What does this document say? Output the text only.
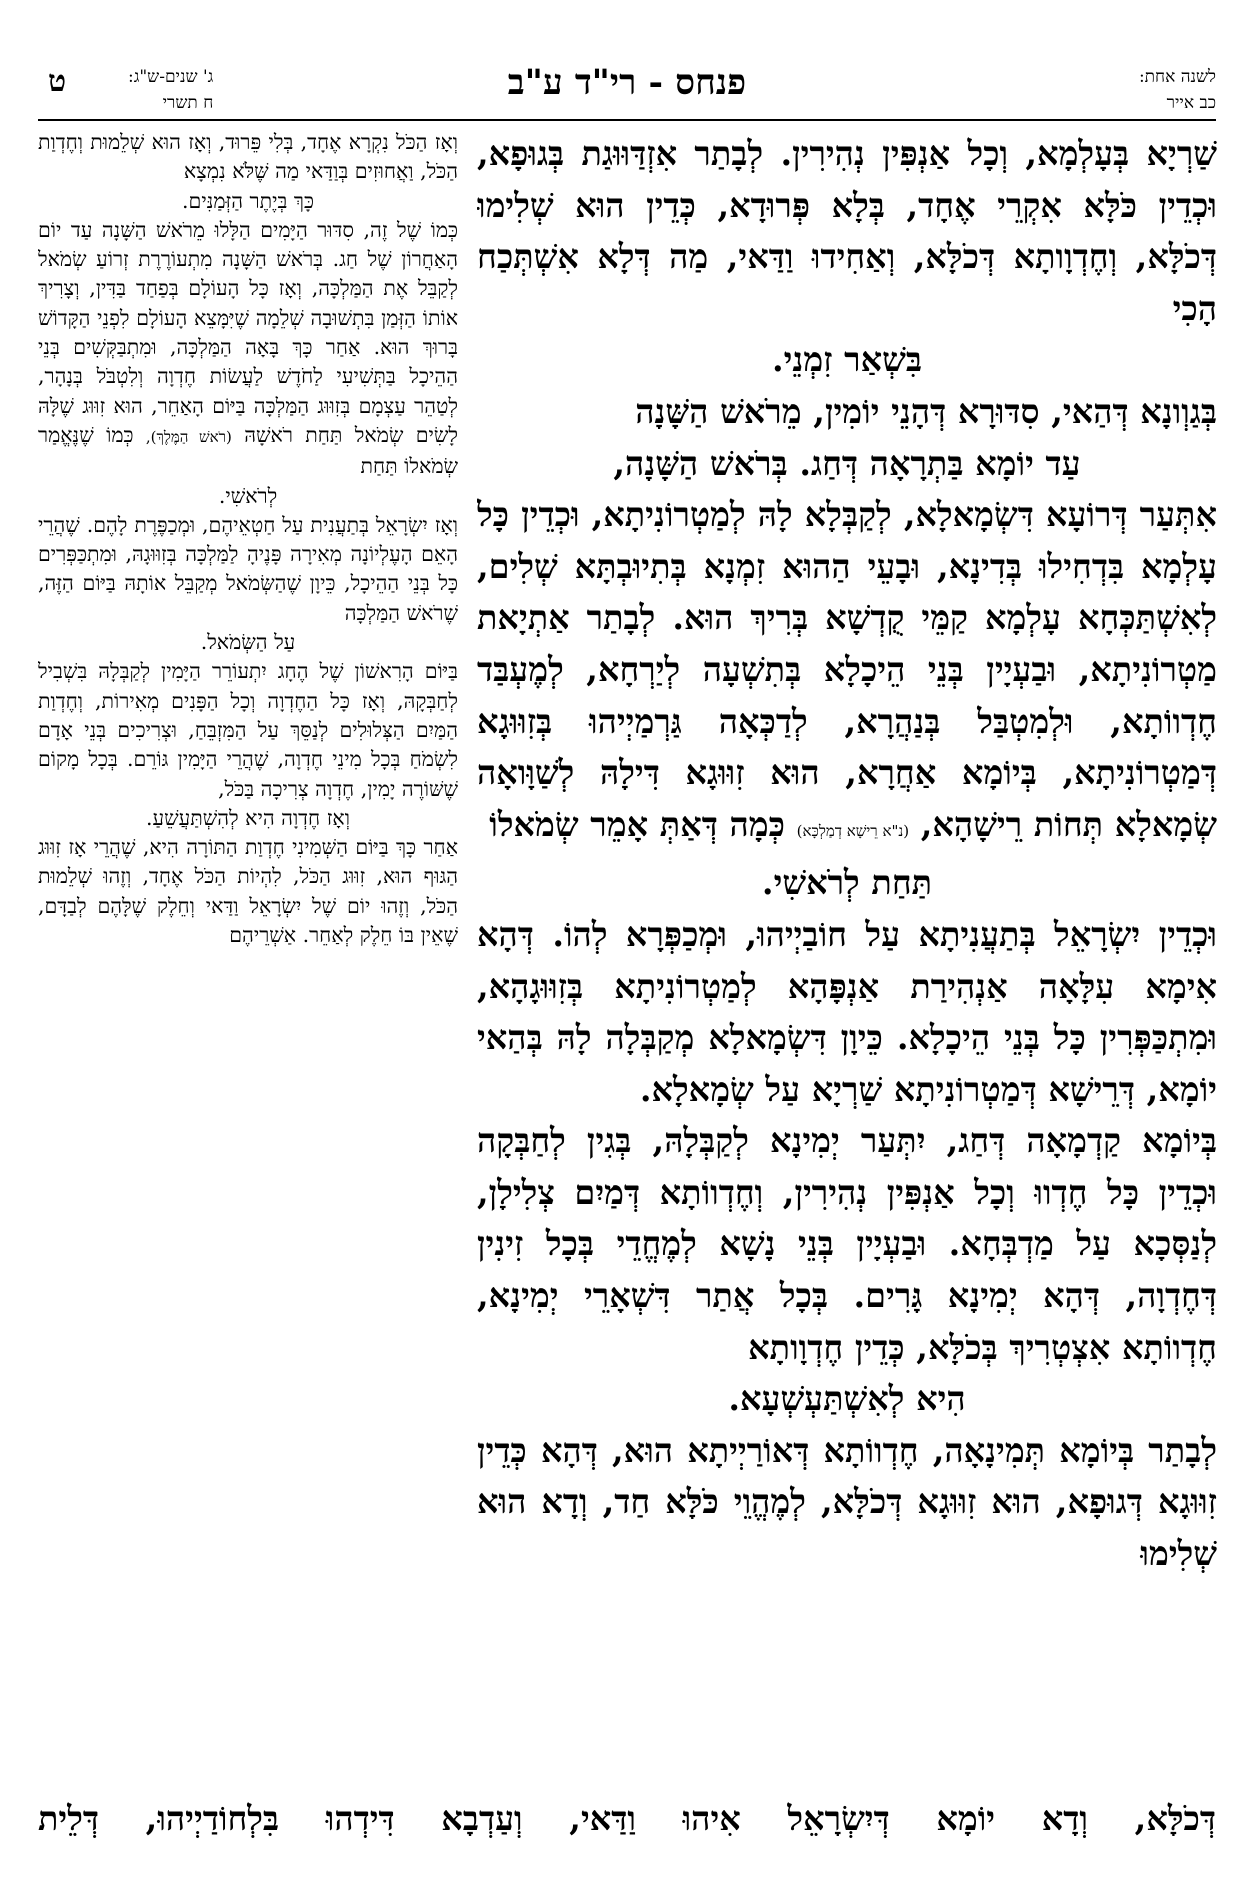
לשנה אחת:
כב אייר
פנחס - רי"ד ע"ב
ג' שנים-ש"ג:
ח תשרי
ט

שַׁרְיָא בְּעָלְמָא, וְכָל אַנְפִּין נְהִירִין. לְבָתַר אִזְדַּוּוּגַת בְּגוּפָא, וּכְדֵין כֹּלָּא אִקְרֵי אֶחָד, בְּלָא פְּרוּדָא, כְּדֵין הוּא שְׁלִימוּ דְּכֹלָּא, וְחֶדְוָותָא דְּכֹלָּא, וְאַחִידוּ וַדַּאי, מַה דְּלָא אִשְׁתְּכַח הָכִי

בִּשְׁאַר זִמְנֵי.

בְּגַוְונָא דְּהַאי, סִדּוּרָא דְּהָנֵי יוֹמִין, מֵרֹאשׁ הַשָּׁנָה

עַד יוֹמָא בַּתְרָאָה דְּחַג. בְּרֹאשׁ הַשָּׁנָה,

אִתְּעַר דְּרוֹעָא דִּשְׂמָאלָא, לְקַבְּלָא לָהּ לְמַטְרוֹנִיתָא, וּכְדֵין כָּל עָלְמָא בִּדְחִילוּ בְּדִינָא, וּבָעֵי הַהוּא זִמְנָא בְּתִיוּבְתָּא שְׁלִים, לְאִשְׁתַּכְּחָא עָלְמָא קַמֵּי קֻדְשָׁא בְּרִיךְ הוּא. לְבָתַר אַתְיָאת מַטְרוֹנִיתָא, וּבַעְיָין בְּנֵי הֵיכָלָא בְּתִשְׁעָה לְיַרְחָא, לְמֶעְבַּד חֶדְווֹתָא, וּלְמִטְבַּל בְּנַהֲרָא, לְדַכְּאָה גַּרְמַיְיהוּ בְּזִוּוּגָא דְּמַטְרוֹנִיתָא, בְּיוֹמָא אַחֲרָא, הוּא זִוּוּגָא דִּילָהּ לְשַׁוָּואָה שְׂמָאלָא תְּחוֹת רֵישָׁהָא, (נ"א רֵישָׁא דְמַלְכָּא) כְּמָה דְּאַתְּ אָמֵר שְׂמֹאלוֹ

תַּחַת לְרֹאשִׁי.

וּכְדֵין יִשְׂרָאֵל בְּתַעֲנִיתָא עַל חוֹבַיְיהוּ, וּמְכַפְּרָא לְהוֹ. דְּהָא אִימָא עִלָּאָה אַנְהִירַת אַנְפָּהָא לְמַטְרוֹנִיתָא בְּזִוּוּגָהָא, וּמִתְכַּפְּרִין כָּל בְּנֵי הֵיכָלָא. כֵּיוָן דִּשְׂמָאלָא מְקַבְּלָה לָהּ בְּהַאי יוֹמָא, דְּרֵישָׁא דְּמַטְרוֹנִיתָא שַׁרְיָא עַל שְׂמָאלָא.

בְּיוֹמָא קַדְמָאָה דְּחַג, יִתְּעַר יְמִינָא לְקַבְּלָהּ, בְּגִין לְחַבְּקָה וּכְדֵין כָּל חֶדְווּ וְכָל אַנְפִּין נְהִירִין, וְחֶדְווֹתָא דְּמַיִם צְלִילָן, לְנַסְּכָא עַל מַדְבְּחָא. וּבַעְיָין בְּנֵי נָשָׁא לְמֶחֱדֵי בְּכָל זִינִין דְּחֶדְוָה, דְּהָא יְמִינָא גָּרִים. בְּכָל אֲתַר דִּשְׁאָרֵי יְמִינָא, חֶדְווֹתָא אִצְטְרִיךְ בְּכֹלָּא, כְּדֵין חֶדְוָותָא

הִיא לְאִשְׁתַּעְשְׁעָא.

לְבָתַר בְּיוֹמָא תְּמִינָאָה, חֶדְווֹתָא דְּאוֹרַיְיתָא הוּא, דְּהָא כְּדֵין זִוּוּגָא דְּגוּפָא, הוּא זִוּוּגָא דְּכֹלָּא, לְמֶהֱוֵי כֹּלָּא חַד, וְדָא הוּא שְׁלִימוּ

וְאָז הַכֹּל נִקְרָא אֶחָד, בְּלִי פֵּרוּד, וְאָז הוּא שְׁלֵמוּת וְחֶדְוַת הַכֹּל, וַאֲחוּזִים בְּוַדַּאי מַה שֶּׁלֹּא נִמְצָא

כָּךְ בְּיֶתֶר הַזְּמַנִּים.

כְּמוֹ שֶׁל זֶה, סִדּוּר הַיָּמִים הַלָּלוּ מֵרֹאשׁ הַשָּׁנָה עַד יוֹם הָאַחֲרוֹן שֶׁל חַג. בְּרֹאשׁ הַשָּׁנָה מִתְעוֹרֶרֶת זְרוֹעַ שְׂמֹאל לְקַבֵּל אֶת הַמַּלְכָּה, וְאָז כָּל הָעוֹלָם בְּפַחַד בַּדִּין, וְצָרִיךְ אוֹתוֹ הַזְּמַן בִּתְשׁוּבָה שְׁלֵמָה שֶׁיִּמָּצֵא הָעוֹלָם לִפְנֵי הַקָּדוֹשׁ בָּרוּךְ הוּא. אַחַר כָּךְ בָּאָה הַמַּלְכָּה, וּמִתְבַּקְּשִׁים בְּנֵי הַהֵיכָל בַּתְּשִׁיעִי לַחֹדֶשׁ לַעֲשׂוֹת חֶדְוָה וְלִטְבֹּל בְּנָהָר, לְטַהֵר עַצְמָם בְּזִוּוּג הַמַּלְכָּה בַּיּוֹם הָאַחֵר, הוּא זִוּוּג שֶׁלָּהּ לָשִׂים שְׂמֹאל תַּחַת רֹאשָׁהּ (רֹאשׁ הַמֶּלֶךְ), כְּמוֹ שֶׁנֶּאֱמַר שְׂמֹאלוֹ תַּחַת

לְרֹאשִׁי.

וְאָז יִשְׂרָאֵל בְּתַעֲנִית עַל חַטְאֵיהֶם, וּמְכַפֶּרֶת לָהֶם. שֶׁהֲרֵי הָאֵם הָעֶלְיוֹנָה מְאִירָה פָּנֶיהָ לַמַּלְכָּה בְּזִוּוּגָהּ, וּמִתְכַּפְּרִים כָּל בְּנֵי הַהֵיכָל, כֵּיוָן שֶׁהַשְּׂמֹאל מְקַבֵּל אוֹתָהּ בַּיּוֹם הַזֶּה, שֶׁרֹאשׁ הַמַּלְכָּה

עַל הַשְּׂמֹאל.

בַּיּוֹם הָרִאשׁוֹן שֶׁל הֶחָג יִתְעוֹרֵר הַיָּמִין לְקַבְּלָהּ בִּשְׁבִיל לְחַבְּקָהּ, וְאָז כָּל הַחֶדְוָה וְכָל הַפָּנִים מְאִירוֹת, וְחֶדְוַת הַמַּיִם הַצְּלוּלִים לְנַסֵּךְ עַל הַמִּזְבֵּחַ, וּצְרִיכִים בְּנֵי אָדָם לִשְׂמֹחַ בְּכָל מִינֵי חֶדְוָה, שֶׁהֲרֵי הַיָּמִין גּוֹרֵם. בְּכָל מָקוֹם שֶׁשּׁוֹרֶה יָמִין, חֶדְוָה צְרִיכָה בַּכֹּל,

וְאָז חֶדְוָה הִיא לְהִשְׁתַּעֲשֵׁעַ.

אַחַר כָּךְ בַּיּוֹם הַשְּׁמִינִי חֶדְוַת הַתּוֹרָה הִיא, שֶׁהֲרֵי אָז זִוּוּג הַגּוּף הוּא, זִוּוּג הַכֹּל, לִהְיוֹת הַכֹּל אֶחָד, וְזֶהוּ שְׁלֵמוּת הַכֹּל, וְזֶהוּ יוֹם שֶׁל יִשְׂרָאֵל וַדַּאי וְחֵלֶק שֶׁלָּהֶם לְבַדָּם, שֶׁאֵין בּוֹ חֵלֶק לְאַחֵר. אַשְׁרֵיהֶם

דְּכֹלָּא, וְדָא יוֹמָא דְּיִשְׂרָאֵל אִיהוּ וַדַּאי, וְעַדְבָא דִּידְהוּ בִּלְחוֹדַיְיהוּ, דְּלֵית
